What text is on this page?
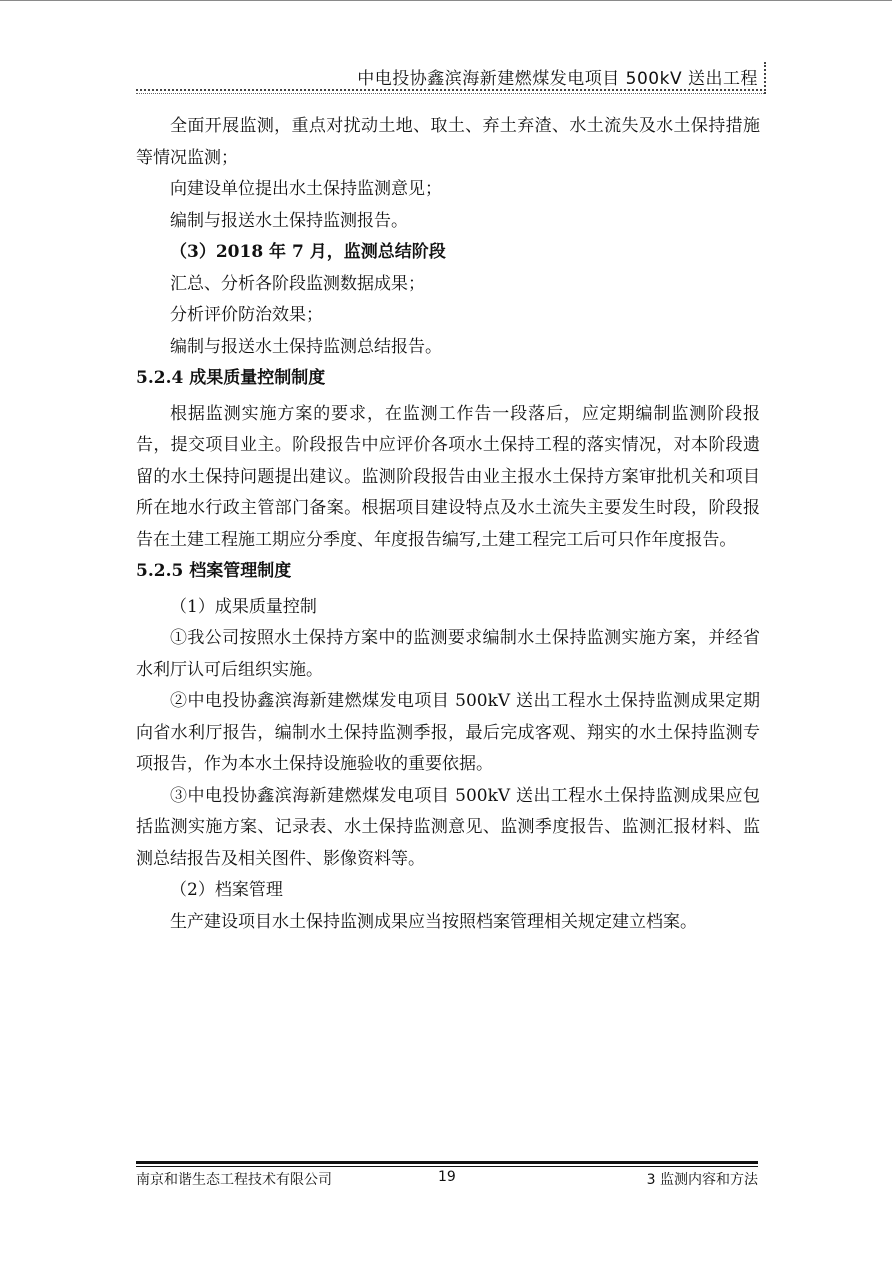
中电投协鑫滨海新建燃煤发电项目 500kV 送出工程

全面开展监测，重点对扰动土地、取土、弃土弃渣、水土流失及水土保持措施等情况监测；

向建设单位提出水土保持监测意见；

编制与报送水土保持监测报告。

（3）2018 年 7 月，监测总结阶段

汇总、分析各阶段监测数据成果；

分析评价防治效果；

编制与报送水土保持监测总结报告。

5.2.4 成果质量控制制度

根据监测实施方案的要求，在监测工作告一段落后，应定期编制监测阶段报告，提交项目业主。阶段报告中应评价各项水土保持工程的落实情况，对本阶段遗留的水土保持问题提出建议。监测阶段报告由业主报水土保持方案审批机关和项目所在地水行政主管部门备案。根据项目建设特点及水土流失主要发生时段，阶段报告在土建工程施工期应分季度、年度报告编写,土建工程完工后可只作年度报告。

5.2.5 档案管理制度

（1）成果质量控制

①我公司按照水土保持方案中的监测要求编制水土保持监测实施方案，并经省水利厅认可后组织实施。

②中电投协鑫滨海新建燃煤发电项目 500kV 送出工程水土保持监测成果定期向省水利厅报告，编制水土保持监测季报，最后完成客观、翔实的水土保持监测专项报告，作为本水土保持设施验收的重要依据。

③中电投协鑫滨海新建燃煤发电项目 500kV 送出工程水土保持监测成果应包括监测实施方案、记录表、水土保持监测意见、监测季度报告、监测汇报材料、监测总结报告及相关图件、影像资料等。

（2）档案管理

生产建设项目水土保持监测成果应当按照档案管理相关规定建立档案。

南京和谐生态工程技术有限公司	19	3 监测内容和方法
